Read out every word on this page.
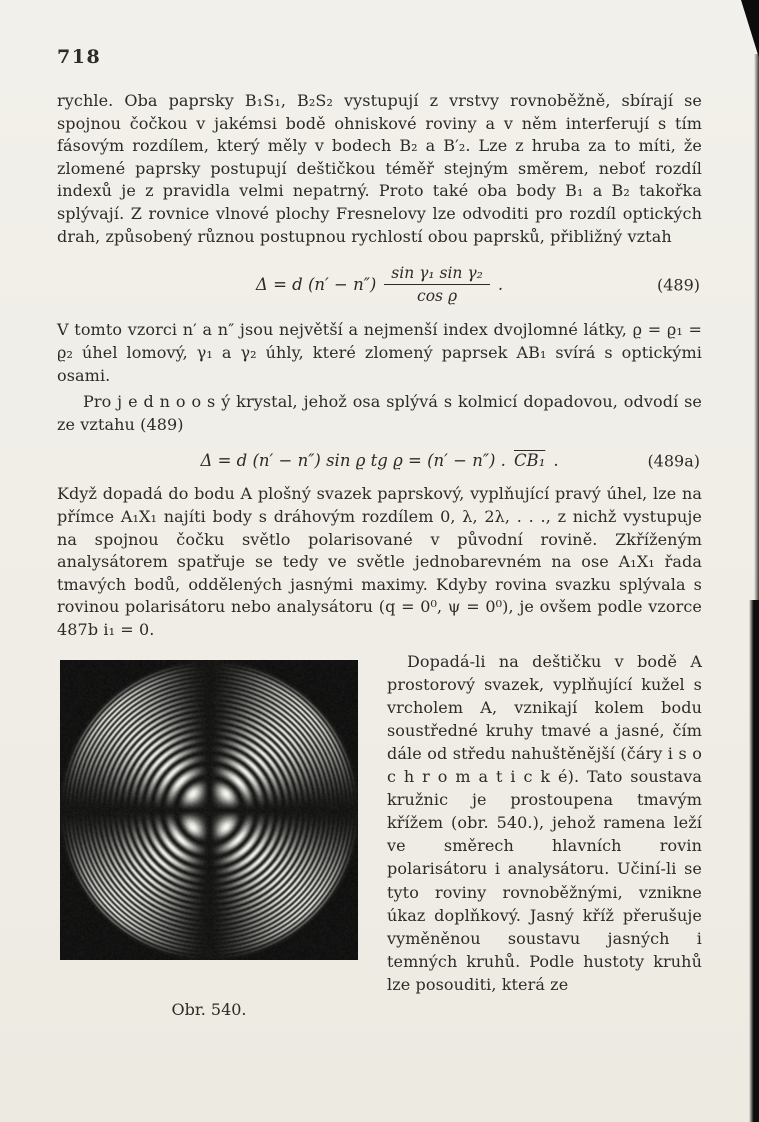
718

rychle. Oba paprsky B₁S₁, B₂S₂ vystupují z vrstvy rovnoběžně, sbírají se spojnou čočkou v jakémsi bodě ohniskové roviny a v něm interferují s tím fásovým rozdílem, který měly v bodech B₂ a B′₂. Lze z hruba za to míti, že zlomené paprsky postupují deštičkou téměř stejným směrem, neboť rozdíl indexů je z pravidla velmi nepatrný. Proto také oba body B₁ a B₂ takořka splývají. Z rovnice vlnové plochy Fresnelovy lze odvoditi pro rozdíl optických drah, způsobený různou postupnou rychlostí obou paprsků, přibližný vztah

Δ = d $(n' - n'') \frac{\text{sin γ₁ sin γ₂}}{\text{cos ϱ}}$ .	(489)

V tomto vzorci n′ a n″ jsou největší a nejmenší index dvojlomné látky, ϱ = ϱ₁ = ϱ₂ úhel lomový, γ₁ a γ₂ úhly, které zlomený paprsek AB₁ svírá s optickými osami.

Pro j e d n o o s ý krystal, jehož osa splývá s kolmicí dopadovou, odvodí se ze vztahu (489)

Δ = d (n′ − n″) sin ϱ tg ϱ = (n′ − n″) . CB₁ .	(489a)

Když dopadá do bodu A plošný svazek paprskový, vyplňující pravý úhel, lze na přímce A₁X₁ najíti body s dráhovým rozdílem 0, λ, 2λ, . . ., z nichž vystupuje na spojnou čočku světlo polarisované v původní rovině. Zkříženým analysátorem spatřuje se tedy ve světle jednobarevném na ose A₁X₁ řada tmavých bodů, oddělených jasnými maximy. Kdyby rovina svazku splývala s rovinou polarisátoru nebo analysátoru (q = 0⁰, ψ = 0⁰), je ovšem podle vzorce 487b i₁ = 0.

Obr. 540.

Dopadá-li na deštičku v bodě A prostorový svazek, vyplňující kužel s vrcholem A, vznikají kolem bodu soustředné kruhy tmavé a jasné, čím dále od středu nahuštěnější (čáry i s o c h r o m a t i c k é). Tato soustava kružnic je prostoupena tmavým křížem (obr. 540.), jehož ramena leží ve směrech hlavních rovin polarisátoru i analysátoru. Učiní-li se tyto roviny rovnoběžnými, vznikne úkaz doplňkový. Jasný kříž přerušuje vyměněnou soustavu jasných i temných kruhů. Podle hustoty kruhů lze posouditi, která ze
